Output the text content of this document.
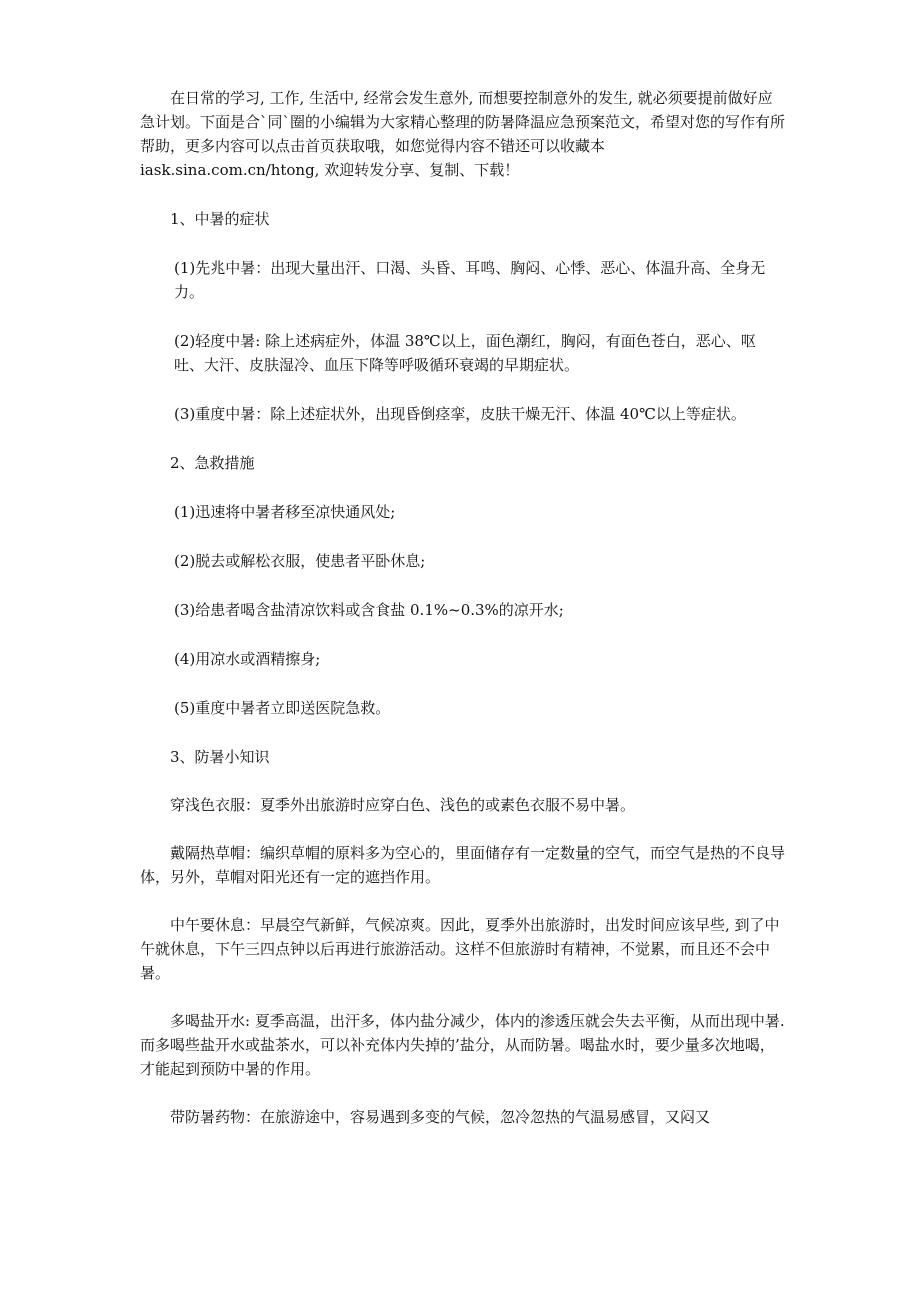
在日常的学习, 工作, 生活中, 经常会发生意外, 而想要控制意外的发生, 就必须要提前做好应急计划。下面是合`同`圈的小编辑为大家精心整理的防暑降温应急预案范文，希望对您的写作有所帮助，更多内容可以点击首页获取哦，如您觉得内容不错还可以收藏本 iask.sina.com.cn/htong, 欢迎转发分享、复制、下载！

1、中暑的症状

(1)先兆中暑：出现大量出汗、口渴、头昏、耳鸣、胸闷、心悸、恶心、体温升高、全身无力。

(2)轻度中暑: 除上述病症外，体温 38℃以上，面色潮红，胸闷，有面色苍白，恶心、呕吐、大汗、皮肤湿冷、血压下降等呼吸循环衰竭的早期症状。

(3)重度中暑：除上述症状外，出现昏倒痉挛，皮肤干燥无汗、体温 40℃以上等症状。

2、急救措施

(1)迅速将中暑者移至凉快通风处;

(2)脱去或解松衣服，使患者平卧休息;

(3)给患者喝含盐清凉饮料或含食盐 0.1%~0.3%的凉开水;

(4)用凉水或酒精擦身;

(5)重度中暑者立即送医院急救。

3、防暑小知识

穿浅色衣服：夏季外出旅游时应穿白色、浅色的或素色衣服不易中暑。

戴隔热草帽：编织草帽的原料多为空心的，里面储存有一定数量的空气，而空气是热的不良导体，另外，草帽对阳光还有一定的遮挡作用。

中午要休息：早晨空气新鲜，气候凉爽。因此，夏季外出旅游时，出发时间应该早些, 到了中午就休息，下午三四点钟以后再进行旅游活动。这样不但旅游时有精神，不觉累，而且还不会中暑。

多喝盐开水: 夏季高温，出汗多，体内盐分减少，体内的渗透压就会失去平衡，从而出现中暑. 而多喝些盐开水或盐茶水，可以补充体内失掉的’盐分，从而防暑。喝盐水时，要少量多次地喝，才能起到预防中暑的作用。

带防暑药物：在旅游途中，容易遇到多变的气候，忽冷忽热的气温易感冒，又闷又
